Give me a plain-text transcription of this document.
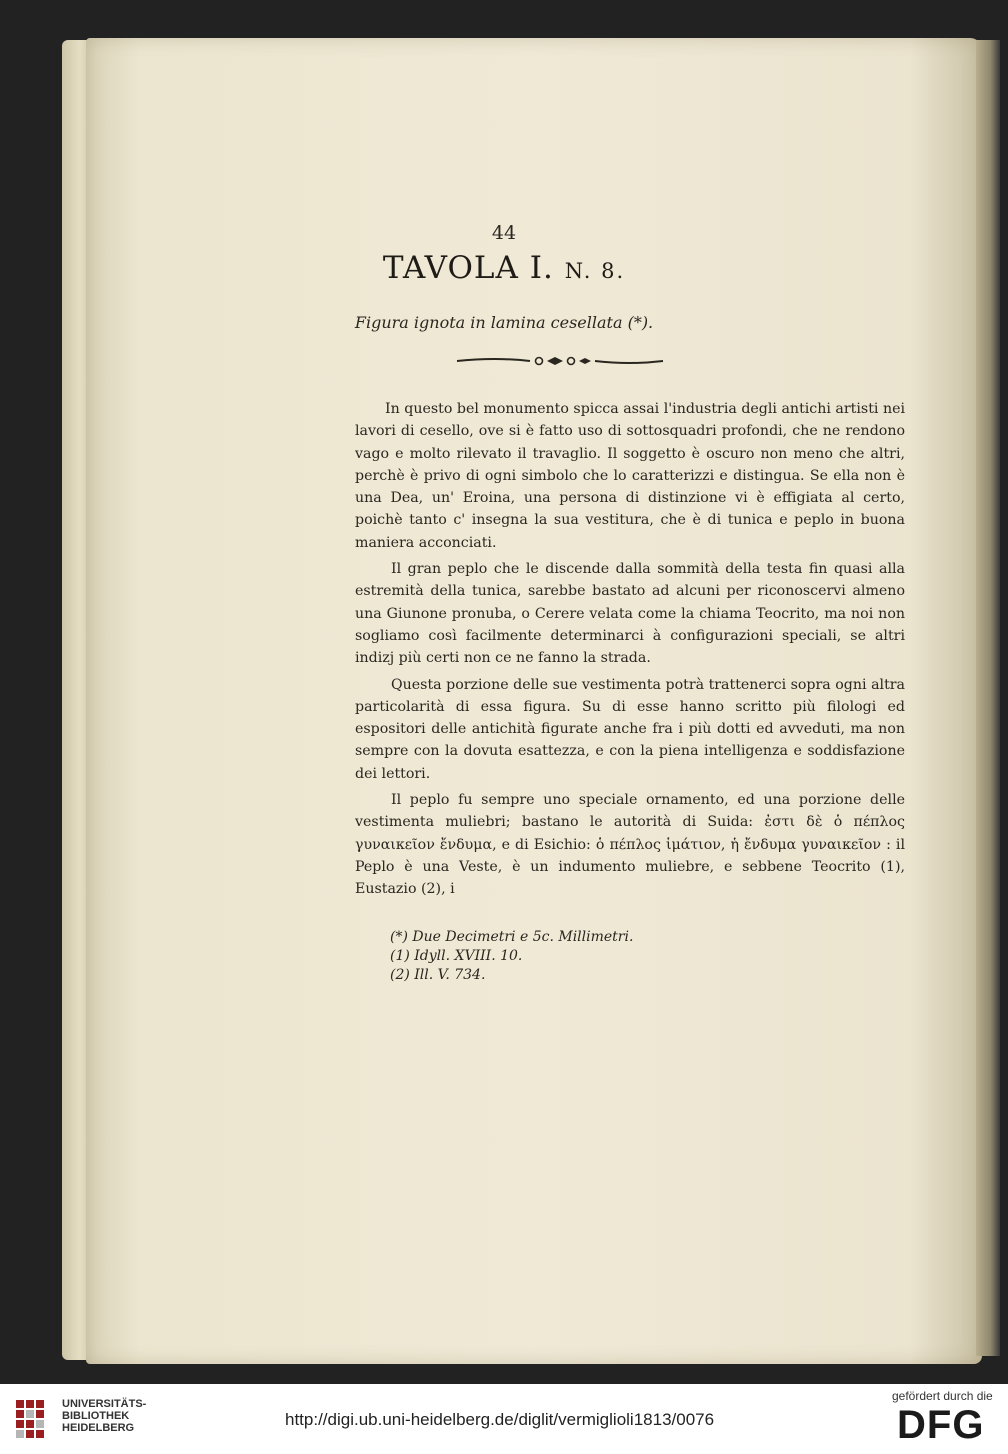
44
TAVOLA I. N. 8.
Figura ignota in lamina cesellata (*).

In questo bel monumento spicca assai l'industria degli antichi artisti nei lavori di cesello, ove si è fatto uso di sottosquadri profondi, che ne rendono vago e molto rilevato il travaglio. Il soggetto è oscuro non meno che altri, perchè è privo di ogni simbolo che lo caratterizzi e distingua. Se ella non è una Dea, un' Eroina, una persona di distinzione vi è effigiata al certo, poichè tanto c' insegna la sua vestitura, che è di tunica e peplo in buona maniera acconciati.

Il gran peplo che le discende dalla sommità della testa fin quasi alla estremità della tunica, sarebbe bastato ad alcuni per riconoscervi almeno una Giunone pronuba, o Cerere velata come la chiama Teocrito, ma noi non sogliamo così facilmente determinarci à configurazioni speciali, se altri indizj più certi non ce ne fanno la strada.

Questa porzione delle sue vestimenta potrà trattenerci sopra ogni altra particolarità di essa figura. Su di esse hanno scritto più filologi ed espositori delle antichità figurate anche fra i più dotti ed avveduti, ma non sempre con la dovuta esattezza, e con la piena intelligenza e soddisfazione dei lettori.

Il peplo fu sempre uno speciale ornamento, ed una porzione delle vestimenta muliebri; bastano le autorità di Suida: ἐστι δὲ ὁ πέπλος γυναικεῖον ἔνδυμα, e di Esichio: ὁ πέπλος ἱμάτιον, ἡ ἔνδυμα γυναικεῖον : il Peplo è una Veste, è un indumento muliebre, e sebbene Teocrito (1), Eustazio (2), i

(*) Due Decimetri e 5c. Millimetri.
(1) Idyll. XVIII. 10.
(2) Ill. V. 734.
UNIVERSITÄTS-
BIBLIOTHEK
HEIDELBERG	http://digi.ub.uni-heidelberg.de/diglit/vermiglioli1813/0076
gefördert durch die
DFG
